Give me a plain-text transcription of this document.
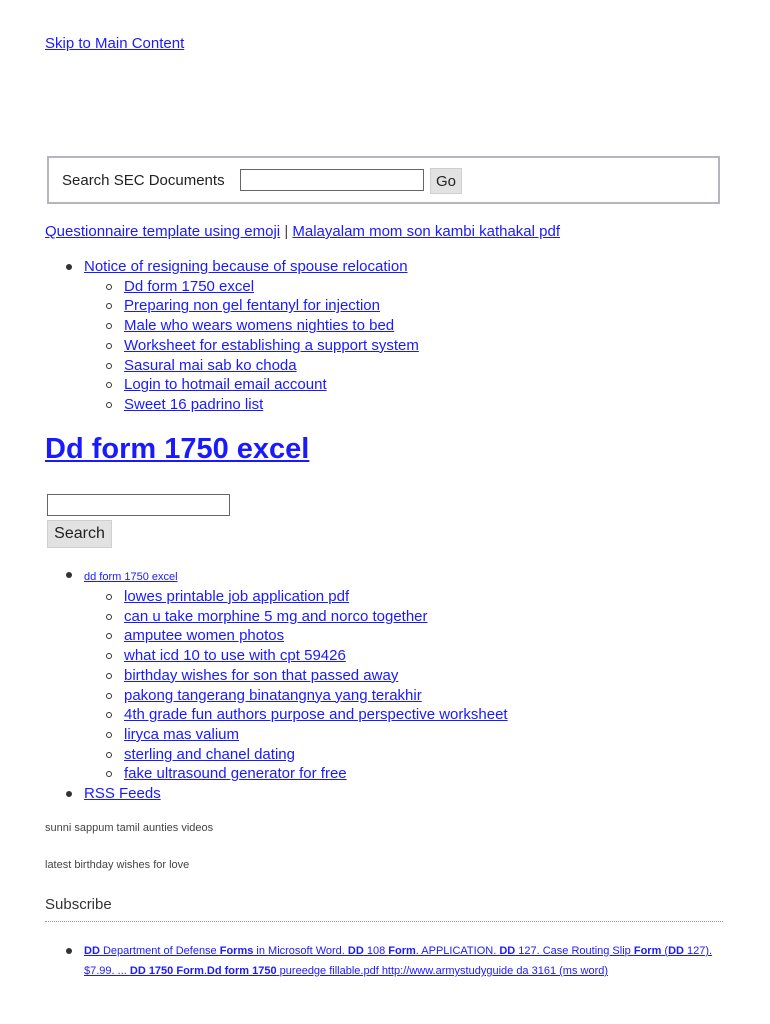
Skip to Main Content
Search SEC Documents	Go
Questionnaire template using emoji | Malayalam mom son kambi kathakal pdf
Notice of resigning because of spouse relocation
Dd form 1750 excel
Preparing non gel fentanyl for injection
Male who wears womens nighties to bed
Worksheet for establishing a support system
Sasural mai sab ko choda
Login to hotmail email account
Sweet 16 padrino list
Dd form 1750 excel
Search
dd form 1750 excel
lowes printable job application pdf
can u take morphine 5 mg and norco together
amputee women photos
what icd 10 to use with cpt 59426
birthday wishes for son that passed away
pakong tangerang binatangnya yang terakhir
4th grade fun authors purpose and perspective worksheet
liryca mas valium
sterling and chanel dating
fake ultrasound generator for free
RSS Feeds
sunni sappum tamil aunties videos
latest birthday wishes for love
Subscribe
DD Department of Defense Forms in Microsoft Word. DD 108 Form. APPLICATION. DD 127. Case Routing Slip Form (DD 127). $7.99. ... DD 1750 Form.Dd form 1750 pureedge fillable.pdf http://www.armystudyguide da 3161 (ms word)
